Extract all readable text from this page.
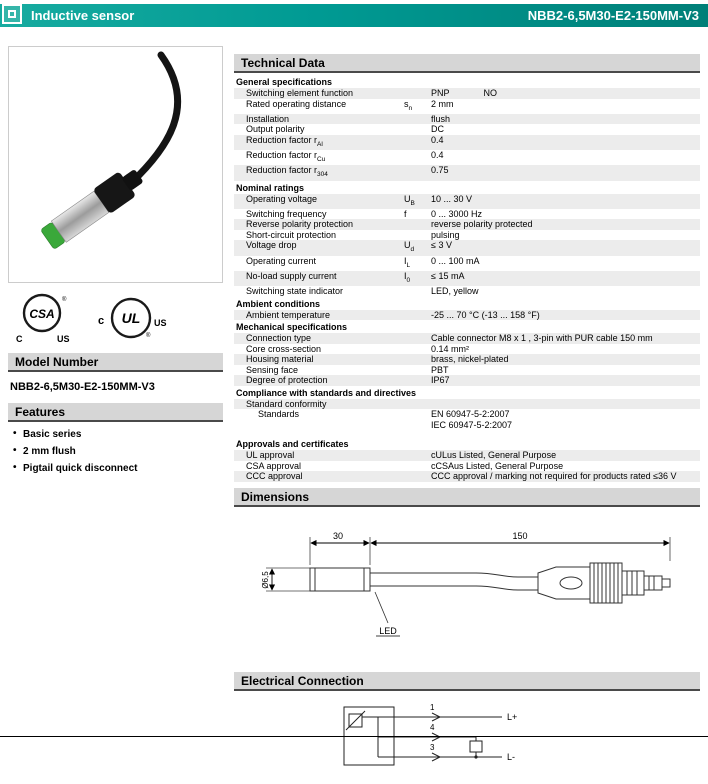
Inductive sensor	NBB2-6,5M30-E2-150MM-V3
CSA
®
C	US
c UL
®
US
Model Number
NBB2-6,5M30-E2-150MM-V3
Features
• Basic series
• 2 mm flush
• Pigtail quick disconnect
Technical Data
General specifications
Switching element function	PNP	NO
Rated operating distance	$s_n$	2 mm
Installation	flush
Output polarity	DC
Reduction factor $r_{Al}$	0.4
Reduction factor $r_{Cu}$	0.4
Reduction factor $r_{304}$	0.75
Nominal ratings
Operating voltage	$U_B$	10 ... 30 V
Switching frequency	f	0 ... 3000 Hz
Reverse polarity protection	reverse polarity protected
Short-circuit protection	pulsing
Voltage drop	$U_d$	≤ 3 V
Operating current	$I_L$	0 ... 100 mA
No-load supply current	$I_0$	≤ 15 mA
Switching state indicator	LED, yellow
Ambient conditions
Ambient temperature	-25 ... 70 °C (-13 ... 158 °F)
Mechanical specifications
Connection type	Cable connector M8 x 1 , 3-pin with PUR cable 150 mm
Core cross-section	0.14 mm²
Housing material	brass, nickel-plated
Sensing face	PBT
Degree of protection	IP67
Compliance with standards and directives
Standard conformity
Standards	EN 60947-5-2:2007
IEC 60947-5-2:2007
Approvals and certificates
UL approval	cULus Listed, General Purpose
CSA approval	cCSAus Listed, General Purpose
CCC approval	CCC approval / marking not required for products rated ≤36 V
Dimensions
30	150
Ø6,5
LED
Electrical Connection
1
4
3
L+
L-
